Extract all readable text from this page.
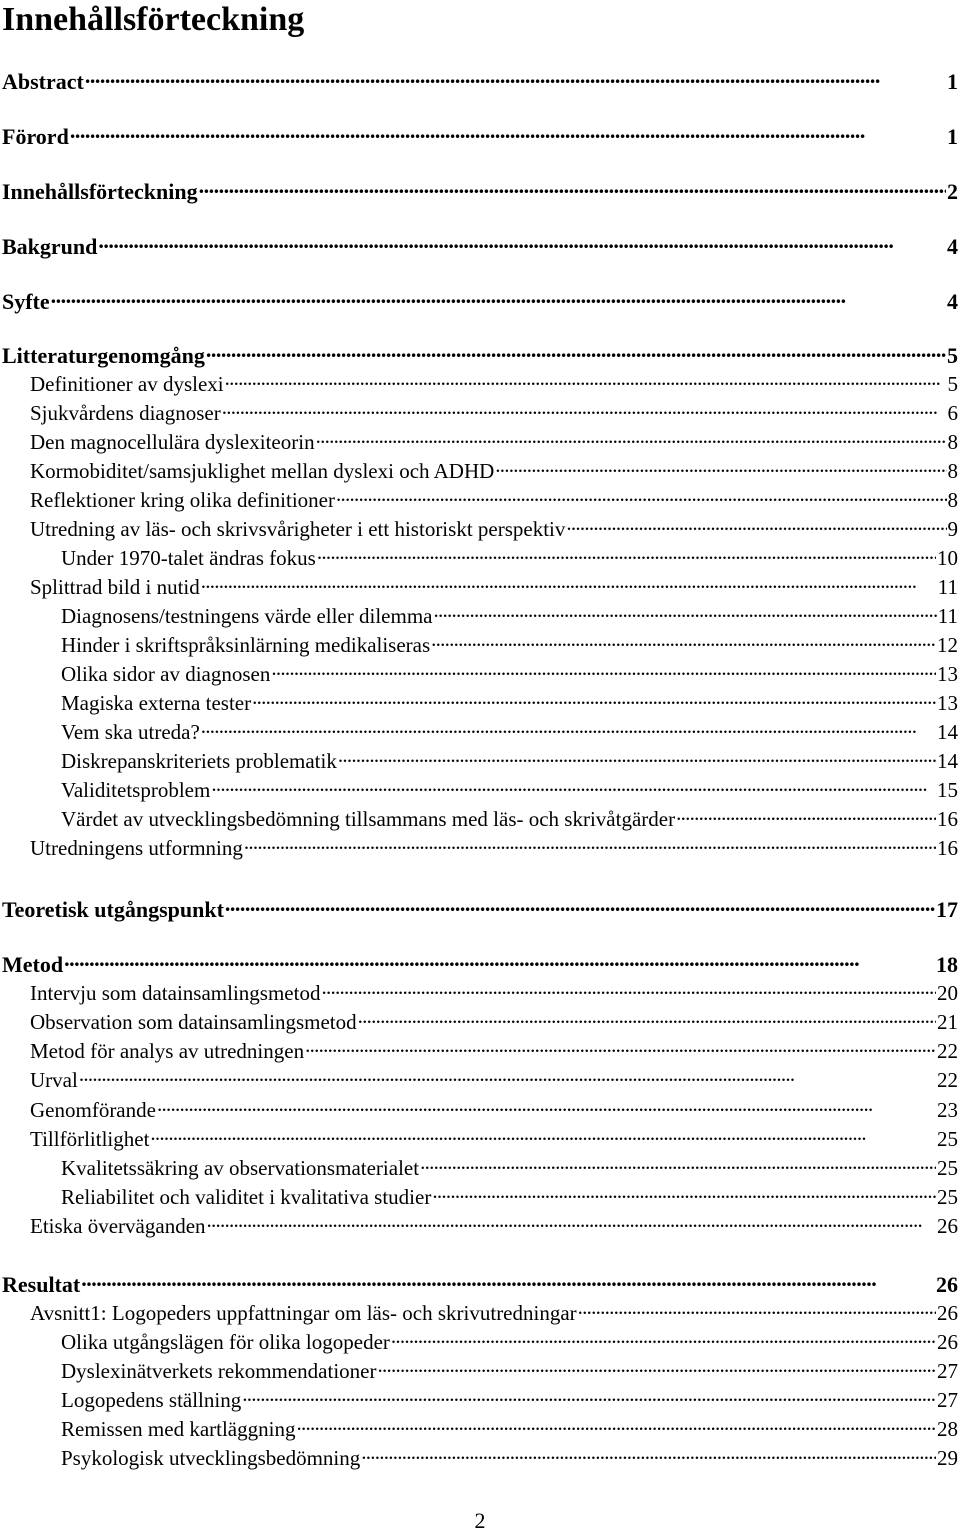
Innehållsförteckning
Abstract . . .	1
Förord . . .	1
Innehållsförteckning . . .	2
Bakgrund . . .	4
Syfte . . .	4
Litteraturgenomgång . . .	5
Definitioner av dyslexi . . .	5
Sjukvårdens diagnoser . . .	6
Den magnocellulära dyslexiteorin . . .	8
Kormobiditet/samsjuklighet mellan dyslexi och ADHD . . .	8
Reflektioner kring olika definitioner . . .	8
Utredning av läs- och skrivsvårigheter i ett historiskt perspektiv . . .	9
Under 1970-talet ändras fokus . . .	10
Splittrad bild i nutid . . .	11
Diagnosens/testningens värde eller dilemma . . .	11
Hinder i skriftspråksinlärning medikaliseras . . .	12
Olika sidor av diagnosen . . .	13
Magiska externa tester . . .	13
Vem ska utreda? . . .	14
Diskrepanskriteriets problematik . . .	14
Validitetsproblem . . .	15
Värdet av utvecklingsbedömning tillsammans med läs- och skrivåtgärder . . .	16
Utredningens utformning . . .	16
Teoretisk utgångspunkt . . .	17
Metod . . .	18
Intervju som datainsamlingsmetod . . .	20
Observation som datainsamlingsmetod . . .	21
Metod för analys av utredningen . . .	22
Urval . . .	22
Genomförande . . .	23
Tillförlitlighet . . .	25
Kvalitetssäkring av observationsmaterialet . . .	25
Reliabilitet och validitet i kvalitativa studier . . .	25
Etiska överväganden . . .	26
Resultat . . .	26
Avsnitt1: Logopeders uppfattningar om läs- och skrivutredningar . . .	26
Olika utgångslägen för olika logopeder . . .	26
Dyslexinätverkets rekommendationer . . .	27
Logopedens ställning . . .	27
Remissen med kartläggning . . .	28
Psykologisk utvecklingsbedömning . . .	29
2
